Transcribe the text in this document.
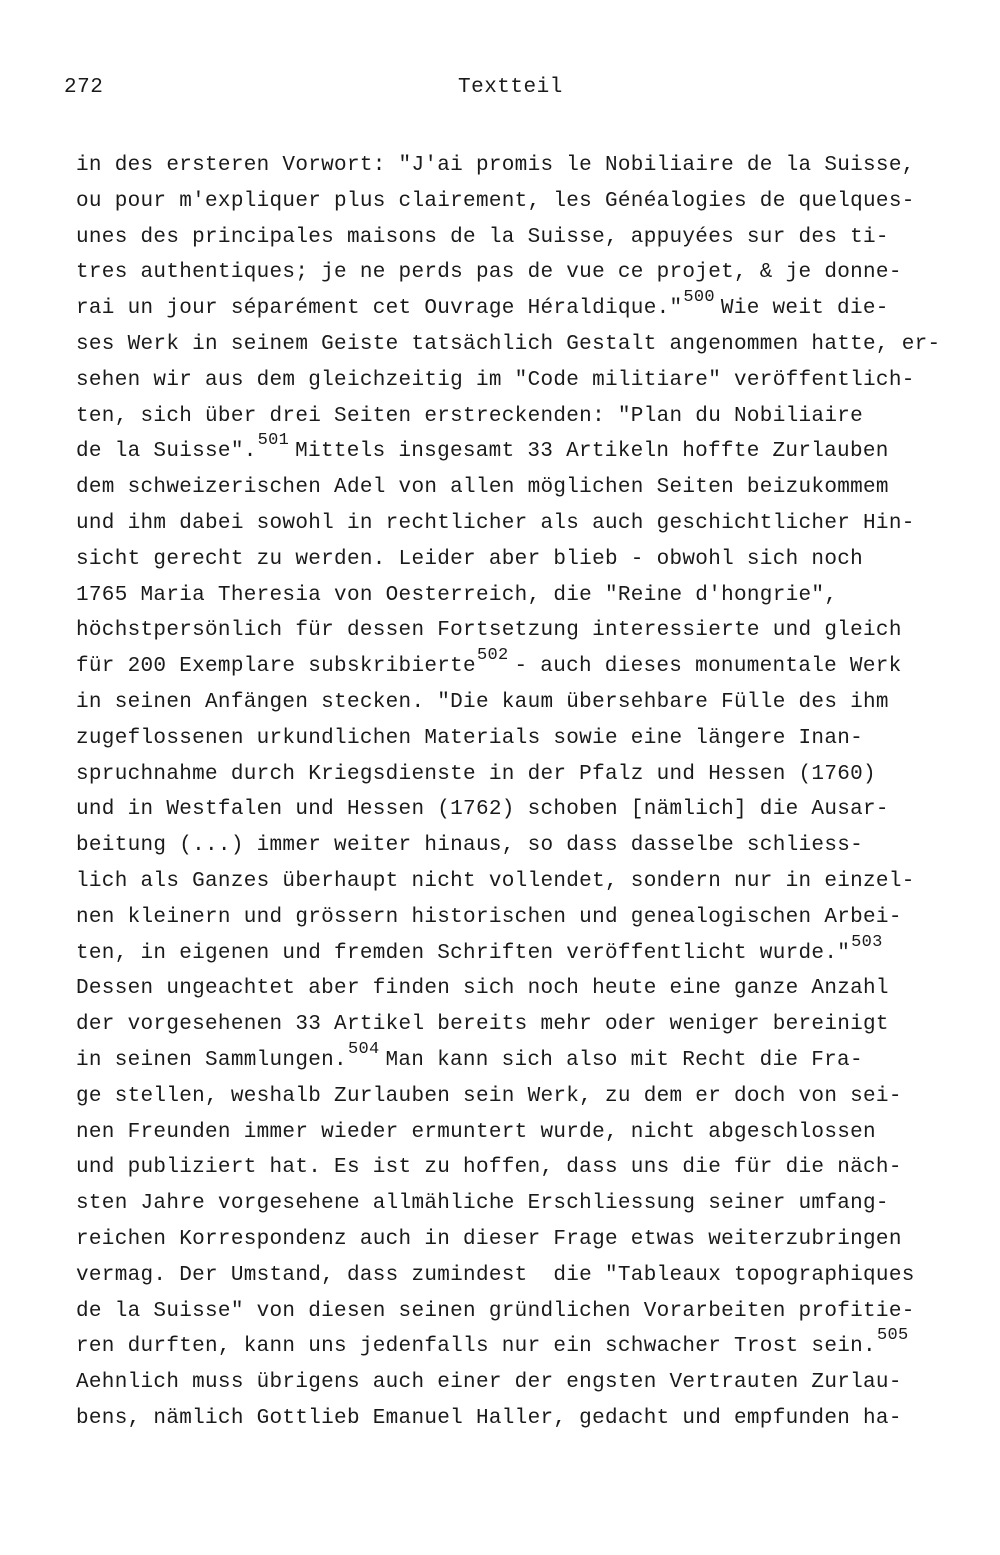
272	Textteil
in des ersteren Vorwort: "J'ai promis le Nobiliaire de la Suisse,
ou pour m'expliquer plus clairement, les Généalogies de quelques-
unes des principales maisons de la Suisse, appuyées sur des ti-
tres authentiques; je ne perds pas de vue ce projet, & je donne-
rai un jour séparément cet Ouvrage Héraldique."$^{500}$ Wie weit die-
ses Werk in seinem Geiste tatsächlich Gestalt angenommen hatte, er-
sehen wir aus dem gleichzeitig im "Code militiare" veröffentlich-
ten, sich über drei Seiten erstreckenden: "Plan du Nobiliaire
de la Suisse".$^{501}$ Mittels insgesamt 33 Artikeln hoffte Zurlauben
dem schweizerischen Adel von allen möglichen Seiten beizukommem
und ihm dabei sowohl in rechtlicher als auch geschichtlicher Hin-
sicht gerecht zu werden. Leider aber blieb - obwohl sich noch
1765 Maria Theresia von Oesterreich, die "Reine d'hongrie",
höchstpersönlich für dessen Fortsetzung interessierte und gleich
für 200 Exemplare subskribierte$^{502}$ - auch dieses monumentale Werk
in seinen Anfängen stecken. "Die kaum übersehbare Fülle des ihm
zugeflossenen urkundlichen Materials sowie eine längere Inan-
spruchnahme durch Kriegsdienste in der Pfalz und Hessen (1760)
und in Westfalen und Hessen (1762) schoben [nämlich] die Ausar-
beitung (...) immer weiter hinaus, so dass dasselbe schliess-
lich als Ganzes überhaupt nicht vollendet, sondern nur in einzel-
nen kleinern und grössern historischen und genealogischen Arbei-
ten, in eigenen und fremden Schriften veröffentlicht wurde."$^{503}$
Dessen ungeachtet aber finden sich noch heute eine ganze Anzahl
der vorgesehenen 33 Artikel bereits mehr oder weniger bereinigt
in seinen Sammlungen.$^{504}$ Man kann sich also mit Recht die Fra-
ge stellen, weshalb Zurlauben sein Werk, zu dem er doch von sei-
nen Freunden immer wieder ermuntert wurde, nicht abgeschlossen
und publiziert hat. Es ist zu hoffen, dass uns die für die näch-
sten Jahre vorgesehene allmähliche Erschliessung seiner umfang-
reichen Korrespondenz auch in dieser Frage etwas weiterzubringen
vermag. Der Umstand, dass zumindest  die "Tableaux topographiques
de la Suisse" von diesen seinen gründlichen Vorarbeiten profitie-
ren durften, kann uns jedenfalls nur ein schwacher Trost sein.$^{505}$
Aehnlich muss übrigens auch einer der engsten Vertrauten Zurlau-
bens, nämlich Gottlieb Emanuel Haller, gedacht und empfunden ha-
